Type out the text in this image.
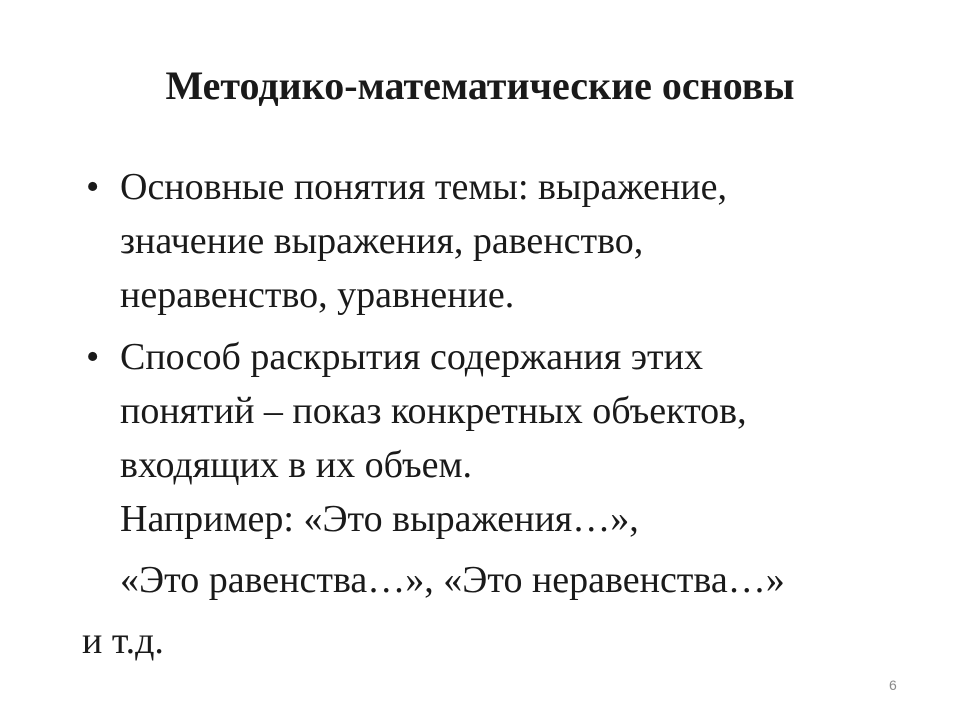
Методико-математические основы
• Основные понятия темы: выражение,
значение выражения, равенство,
неравенство, уравнение.
• Способ раскрытия содержания этих
понятий – показ конкретных объектов,
входящих в их объем.
Например: «Это выражения…»,
«Это равенства…», «Это неравенства…»
и т.д.
6
